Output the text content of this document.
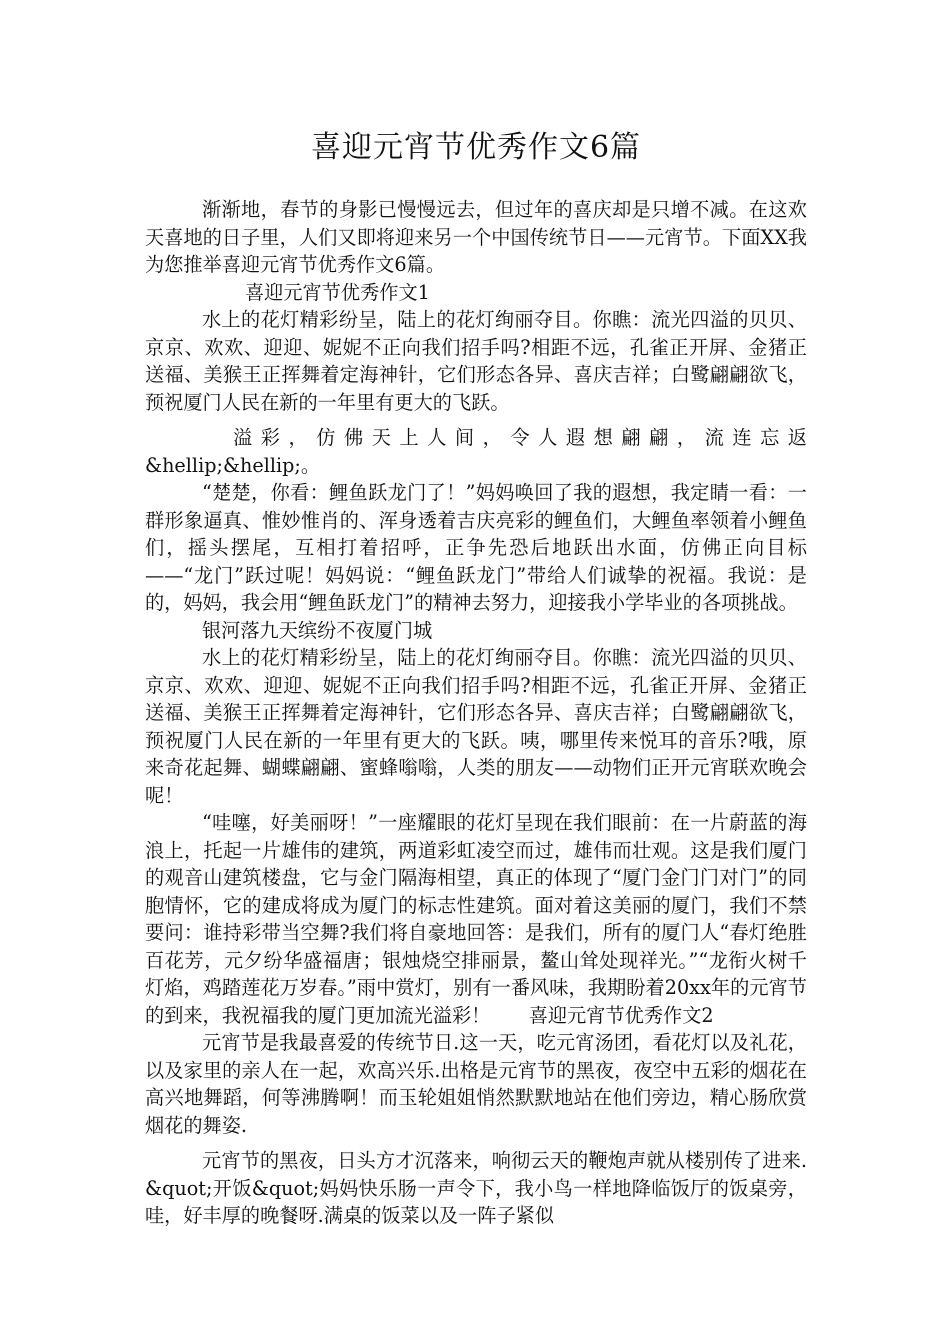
喜迎元宵节优秀作文6篇

渐渐地，春节的身影已慢慢远去，但过年的喜庆却是只增不减。在这欢天喜地的日子里，人们又即将迎来另一个中国传统节日——元宵节。下面XX我为您推举喜迎元宵节优秀作文6篇。

喜迎元宵节优秀作文1

水上的花灯精彩纷呈，陆上的花灯绚丽夺目。你瞧：流光四溢的贝贝、京京、欢欢、迎迎、妮妮不正向我们招手吗?相距不远，孔雀正开屏、金猪正送福、美猴王正挥舞着定海神针，它们形态各异、喜庆吉祥；白鹭翩翩欲飞，预祝厦门人民在新的一年里有更大的飞跃。

溢彩，仿佛天上人间，令人遐想翩翩，流连忘返

&hellip;&hellip;。

“楚楚，你看：鲤鱼跃龙门了！”妈妈唤回了我的遐想，我定睛一看：一群形象逼真、惟妙惟肖的、浑身透着吉庆亮彩的鲤鱼们，大鲤鱼率领着小鲤鱼们，摇头摆尾，互相打着招呼，正争先恐后地跃出水面，仿佛正向目标——“龙门”跃过呢！妈妈说：“鲤鱼跃龙门”带给人们诚挚的祝福。我说：是的，妈妈，我会用“鲤鱼跃龙门”的精神去努力，迎接我小学毕业的各项挑战。

银河落九天缤纷不夜厦门城

水上的花灯精彩纷呈，陆上的花灯绚丽夺目。你瞧：流光四溢的贝贝、京京、欢欢、迎迎、妮妮不正向我们招手吗?相距不远，孔雀正开屏、金猪正送福、美猴王正挥舞着定海神针，它们形态各异、喜庆吉祥；白鹭翩翩欲飞，预祝厦门人民在新的一年里有更大的飞跃。咦，哪里传来悦耳的音乐?哦，原来奇花起舞、蝴蝶翩翩、蜜蜂嗡嗡，人类的朋友——动物们正开元宵联欢晚会呢！

“哇噻，好美丽呀！”一座耀眼的花灯呈现在我们眼前：在一片蔚蓝的海浪上，托起一片雄伟的建筑，两道彩虹凌空而过，雄伟而壮观。这是我们厦门的观音山建筑楼盘，它与金门隔海相望，真正的体现了“厦门金门门对门”的同胞情怀，它的建成将成为厦门的标志性建筑。面对着这美丽的厦门，我们不禁要问：谁持彩带当空舞?我们将自豪地回答：是我们，所有的厦门人“春灯绝胜百花芳，元夕纷华盛福唐；银烛烧空排丽景，鳌山耸处现祥光。”“龙衔火树千灯焰，鸡踏莲花万岁春。”雨中赏灯，别有一番风味，我期盼着20xx年的元宵节的到来，我祝福我的厦门更加流光溢彩！　　喜迎元宵节优秀作文2

元宵节是我最喜爱的传统节日.这一天，吃元宵汤团，看花灯以及礼花，以及家里的亲人在一起，欢高兴乐.出格是元宵节的黑夜，夜空中五彩的烟花在高兴地舞蹈，何等沸腾啊！而玉轮姐姐悄然默默地站在他们旁边，精心肠欣赏烟花的舞姿.

元宵节的黑夜，日头方才沉落来，响彻云天的鞭炮声就从楼别传了进来.&quot;开饭&quot;妈妈快乐肠一声令下，我小鸟一样地降临饭厅的饭桌旁，哇，好丰厚的晚餐呀.满桌的饭菜以及一阵子紧似
